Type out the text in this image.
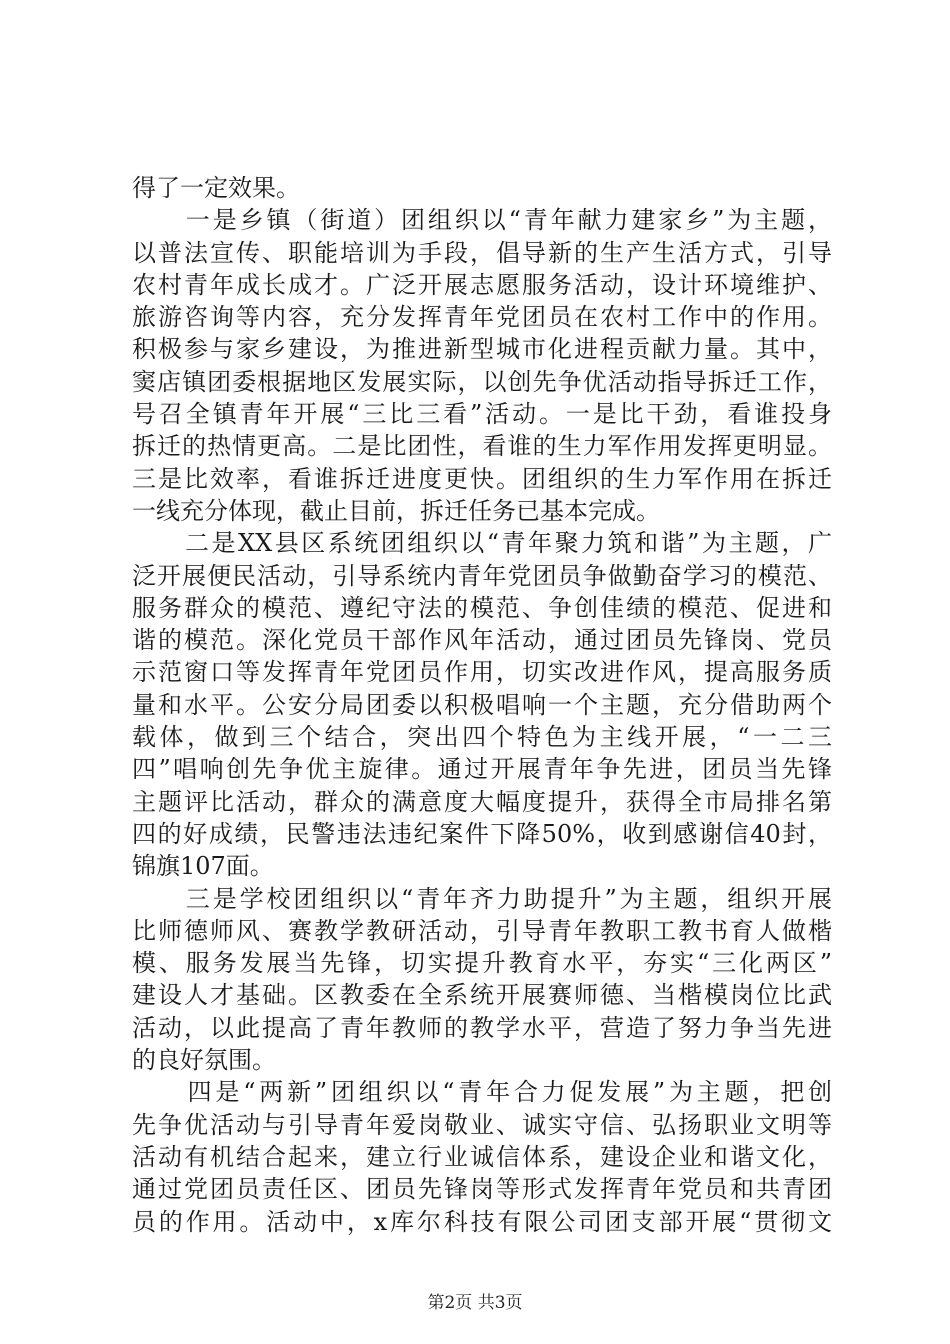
得了一定效果。
　　一是乡镇（街道）团组织以“青年献力建家乡”为主题，
以普法宣传、职能培训为手段，倡导新的生产生活方式，引导
农村青年成长成才。广泛开展志愿服务活动，设计环境维护、
旅游咨询等内容，充分发挥青年党团员在农村工作中的作用。
积极参与家乡建设，为推进新型城市化进程贡献力量。其中，
窦店镇团委根据地区发展实际，以创先争优活动指导拆迁工作，
号召全镇青年开展“三比三看”活动。一是比干劲，看谁投身
拆迁的热情更高。二是比团性，看谁的生力军作用发挥更明显。
三是比效率，看谁拆迁进度更快。团组织的生力军作用在拆迁
一线充分体现，截止目前，拆迁任务已基本完成。
　　二是XX县区系统团组织以“青年聚力筑和谐”为主题，广
泛开展便民活动，引导系统内青年党团员争做勤奋学习的模范、
服务群众的模范、遵纪守法的模范、争创佳绩的模范、促进和
谐的模范。深化党员干部作风年活动，通过团员先锋岗、党员
示范窗口等发挥青年党团员作用，切实改进作风，提高服务质
量和水平。公安分局团委以积极唱响一个主题，充分借助两个
载体，做到三个结合，突出四个特色为主线开展，“一二三
四”唱响创先争优主旋律。通过开展青年争先进，团员当先锋
主题评比活动，群众的满意度大幅度提升，获得全市局排名第
四的好成绩，民警违法违纪案件下降50%，收到感谢信40封，
锦旗107面。
　　三是学校团组织以“青年齐力助提升”为主题，组织开展
比师德师风、赛教学教研活动，引导青年教职工教书育人做楷
模、服务发展当先锋，切实提升教育水平，夯实“三化两区”
建设人才基础。区教委在全系统开展赛师德、当楷模岗位比武
活动，以此提高了青年教师的教学水平，营造了努力争当先进
的良好氛围。
　　四是“两新”团组织以“青年合力促发展”为主题，把创
先争优活动与引导青年爱岗敬业、诚实守信、弘扬职业文明等
活动有机结合起来，建立行业诚信体系，建设企业和谐文化，
通过党团员责任区、团员先锋岗等形式发挥青年党员和共青团
员的作用。活动中，x库尔科技有限公司团支部开展“贯彻文
第2页 共3页
